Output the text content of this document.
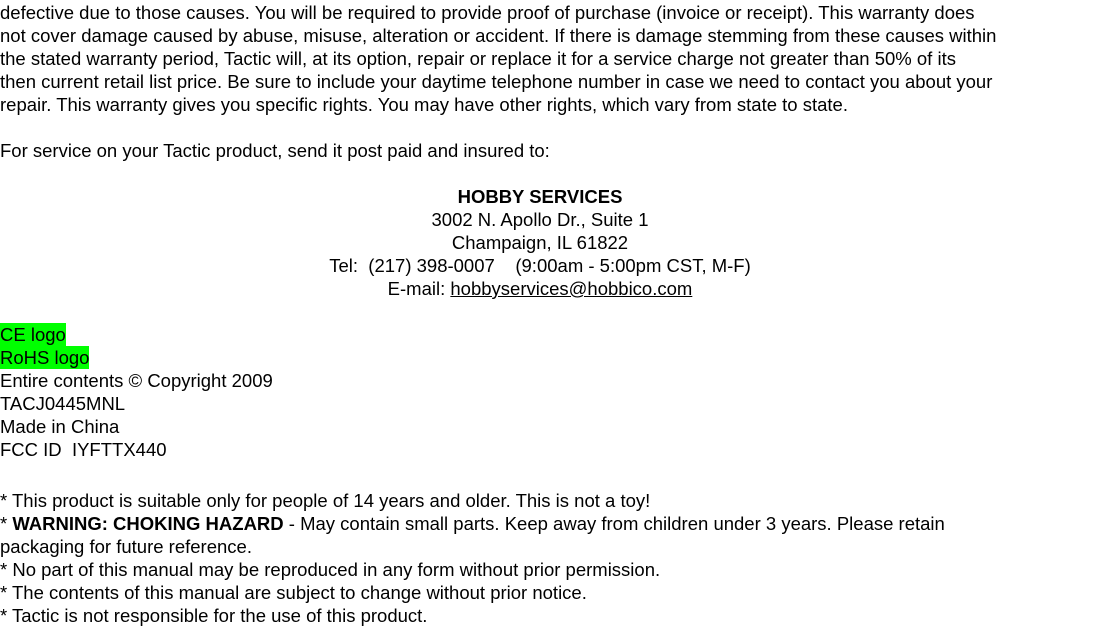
defective due to those causes. You will be required to provide proof of purchase (invoice or receipt). This warranty does
not cover damage caused by abuse, misuse, alteration or accident. If there is damage stemming from these causes within
the stated warranty period, Tactic will, at its option, repair or replace it for a service charge not greater than 50% of its
then current retail list price. Be sure to include your daytime telephone number in case we need to contact you about your
repair. This warranty gives you specific rights. You may have other rights, which vary from state to state.
For service on your Tactic product, send it post paid and insured to:
HOBBY SERVICES
3002 N. Apollo Dr., Suite 1
Champaign, IL 61822
Tel:  (217) 398-0007    (9:00am - 5:00pm CST, M-F)
E-mail: hobbyservices@hobbico.com
CE logo
RoHS logo
Entire contents © Copyright 2009
TACJ0445MNL
Made in China
FCC ID  IYFTTX440
* This product is suitable only for people of 14 years and older. This is not a toy!
* WARNING: CHOKING HAZARD - May contain small parts. Keep away from children under 3 years. Please retain
packaging for future reference.
* No part of this manual may be reproduced in any form without prior permission.
* The contents of this manual are subject to change without prior notice.
* Tactic is not responsible for the use of this product.
